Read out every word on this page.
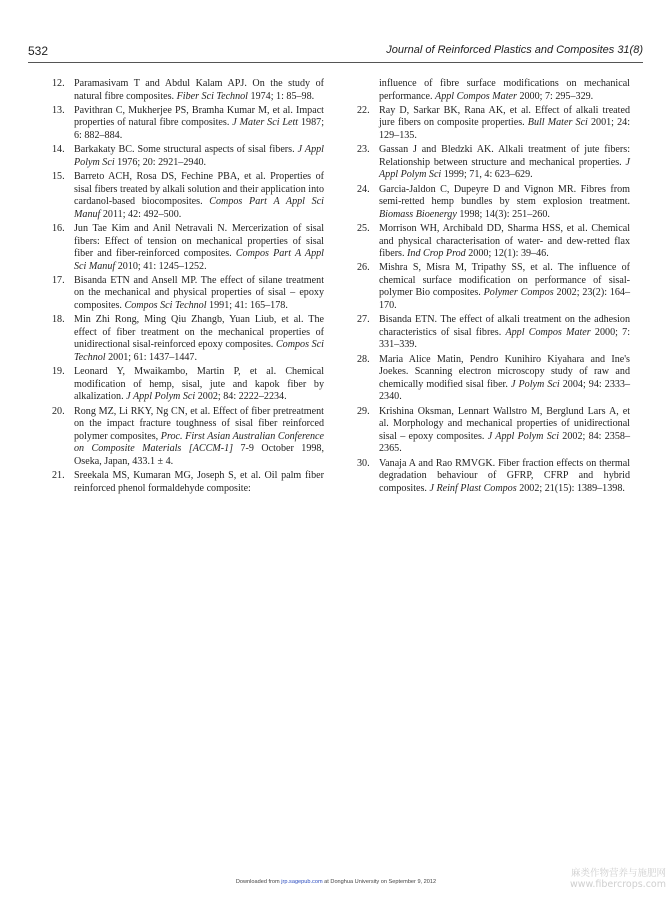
532	Journal of Reinforced Plastics and Composites 31(8)
12. Paramasivam T and Abdul Kalam APJ. On the study of natural fibre composites. Fiber Sci Technol 1974; 1: 85–98.
13. Pavithran C, Mukherjee PS, Bramha Kumar M, et al. Impact properties of natural fibre composites. J Mater Sci Lett 1987; 6: 882–884.
14. Barkakaty BC. Some structural aspects of sisal fibers. J Appl Polym Sci 1976; 20: 2921–2940.
15. Barreto ACH, Rosa DS, Fechine PBA, et al. Properties of sisal fibers treated by alkali solution and their application into cardanol-based biocomposites. Compos Part A Appl Sci Manuf 2011; 42: 492–500.
16. Jun Tae Kim and Anil Netravali N. Mercerization of sisal fibers: Effect of tension on mechanical properties of sisal fiber and fiber-reinforced composites. Compos Part A Appl Sci Manuf 2010; 41: 1245–1252.
17. Bisanda ETN and Ansell MP. The effect of silane treatment on the mechanical and physical properties of sisal – epoxy composites. Compos Sci Technol 1991; 41: 165–178.
18. Min Zhi Rong, Ming Qiu Zhangb, Yuan Liub, et al. The effect of fiber treatment on the mechanical properties of unidirectional sisal-reinforced epoxy composites. Compos Sci Technol 2001; 61: 1437–1447.
19. Leonard Y, Mwaikambo, Martin P, et al. Chemical modification of hemp, sisal, jute and kapok fiber by alkalization. J Appl Polym Sci 2002; 84: 2222–2234.
20. Rong MZ, Li RKY, Ng CN, et al. Effect of fiber pretreatment on the impact fracture toughness of sisal fiber reinforced polymer composites, Proc. First Asian Australian Conference on Composite Materials [ACCM-1] 7-9 October 1998, Oseka, Japan, 433.1 ± 4.
21. Sreekala MS, Kumaran MG, Joseph S, et al. Oil palm fiber reinforced phenol formaldehyde composite:
influence of fibre surface modifications on mechanical performance. Appl Compos Mater 2000; 7: 295–329.
22. Ray D, Sarkar BK, Rana AK, et al. Effect of alkali treated jure fibers on composite properties. Bull Mater Sci 2001; 24: 129–135.
23. Gassan J and Bledzki AK. Alkali treatment of jute fibers: Relationship between structure and mechanical properties. J Appl Polym Sci 1999; 71, 4: 623–629.
24. Garcia-Jaldon C, Dupeyre D and Vignon MR. Fibres from semi-retted hemp bundles by stem explosion treatment. Biomass Bioenergy 1998; 14(3): 251–260.
25. Morrison WH, Archibald DD, Sharma HSS, et al. Chemical and physical characterisation of water- and dew-retted flax fibers. Ind Crop Prod 2000; 12(1): 39–46.
26. Mishra S, Misra M, Tripathy SS, et al. The influence of chemical surface modification on performance of sisal-polymer Bio composites. Polymer Compos 2002; 23(2): 164–170.
27. Bisanda ETN. The effect of alkali treatment on the adhesion characteristics of sisal fibres. Appl Compos Mater 2000; 7: 331–339.
28. Maria Alice Matin, Pendro Kunihiro Kiyahara and Ine's Joekes. Scanning electron microscopy study of raw and chemically modified sisal fiber. J Polym Sci 2004; 94: 2333–2340.
29. Krishina Oksman, Lennart Wallstro M, Berglund Lars A, et al. Morphology and mechanical properties of unidirectional sisal – epoxy composites. J Appl Polym Sci 2002; 84: 2358–2365.
30. Vanaja A and Rao RMVGK. Fiber fraction effects on thermal degradation behaviour of GFRP, CFRP and hybrid composites. J Reinf Plast Compos 2002; 21(15): 1389–1398.
Downloaded from jrp.sagepub.com at Donghua University on September 9, 2012
麻类作物营养与施肥网
www.fibercrops.com
